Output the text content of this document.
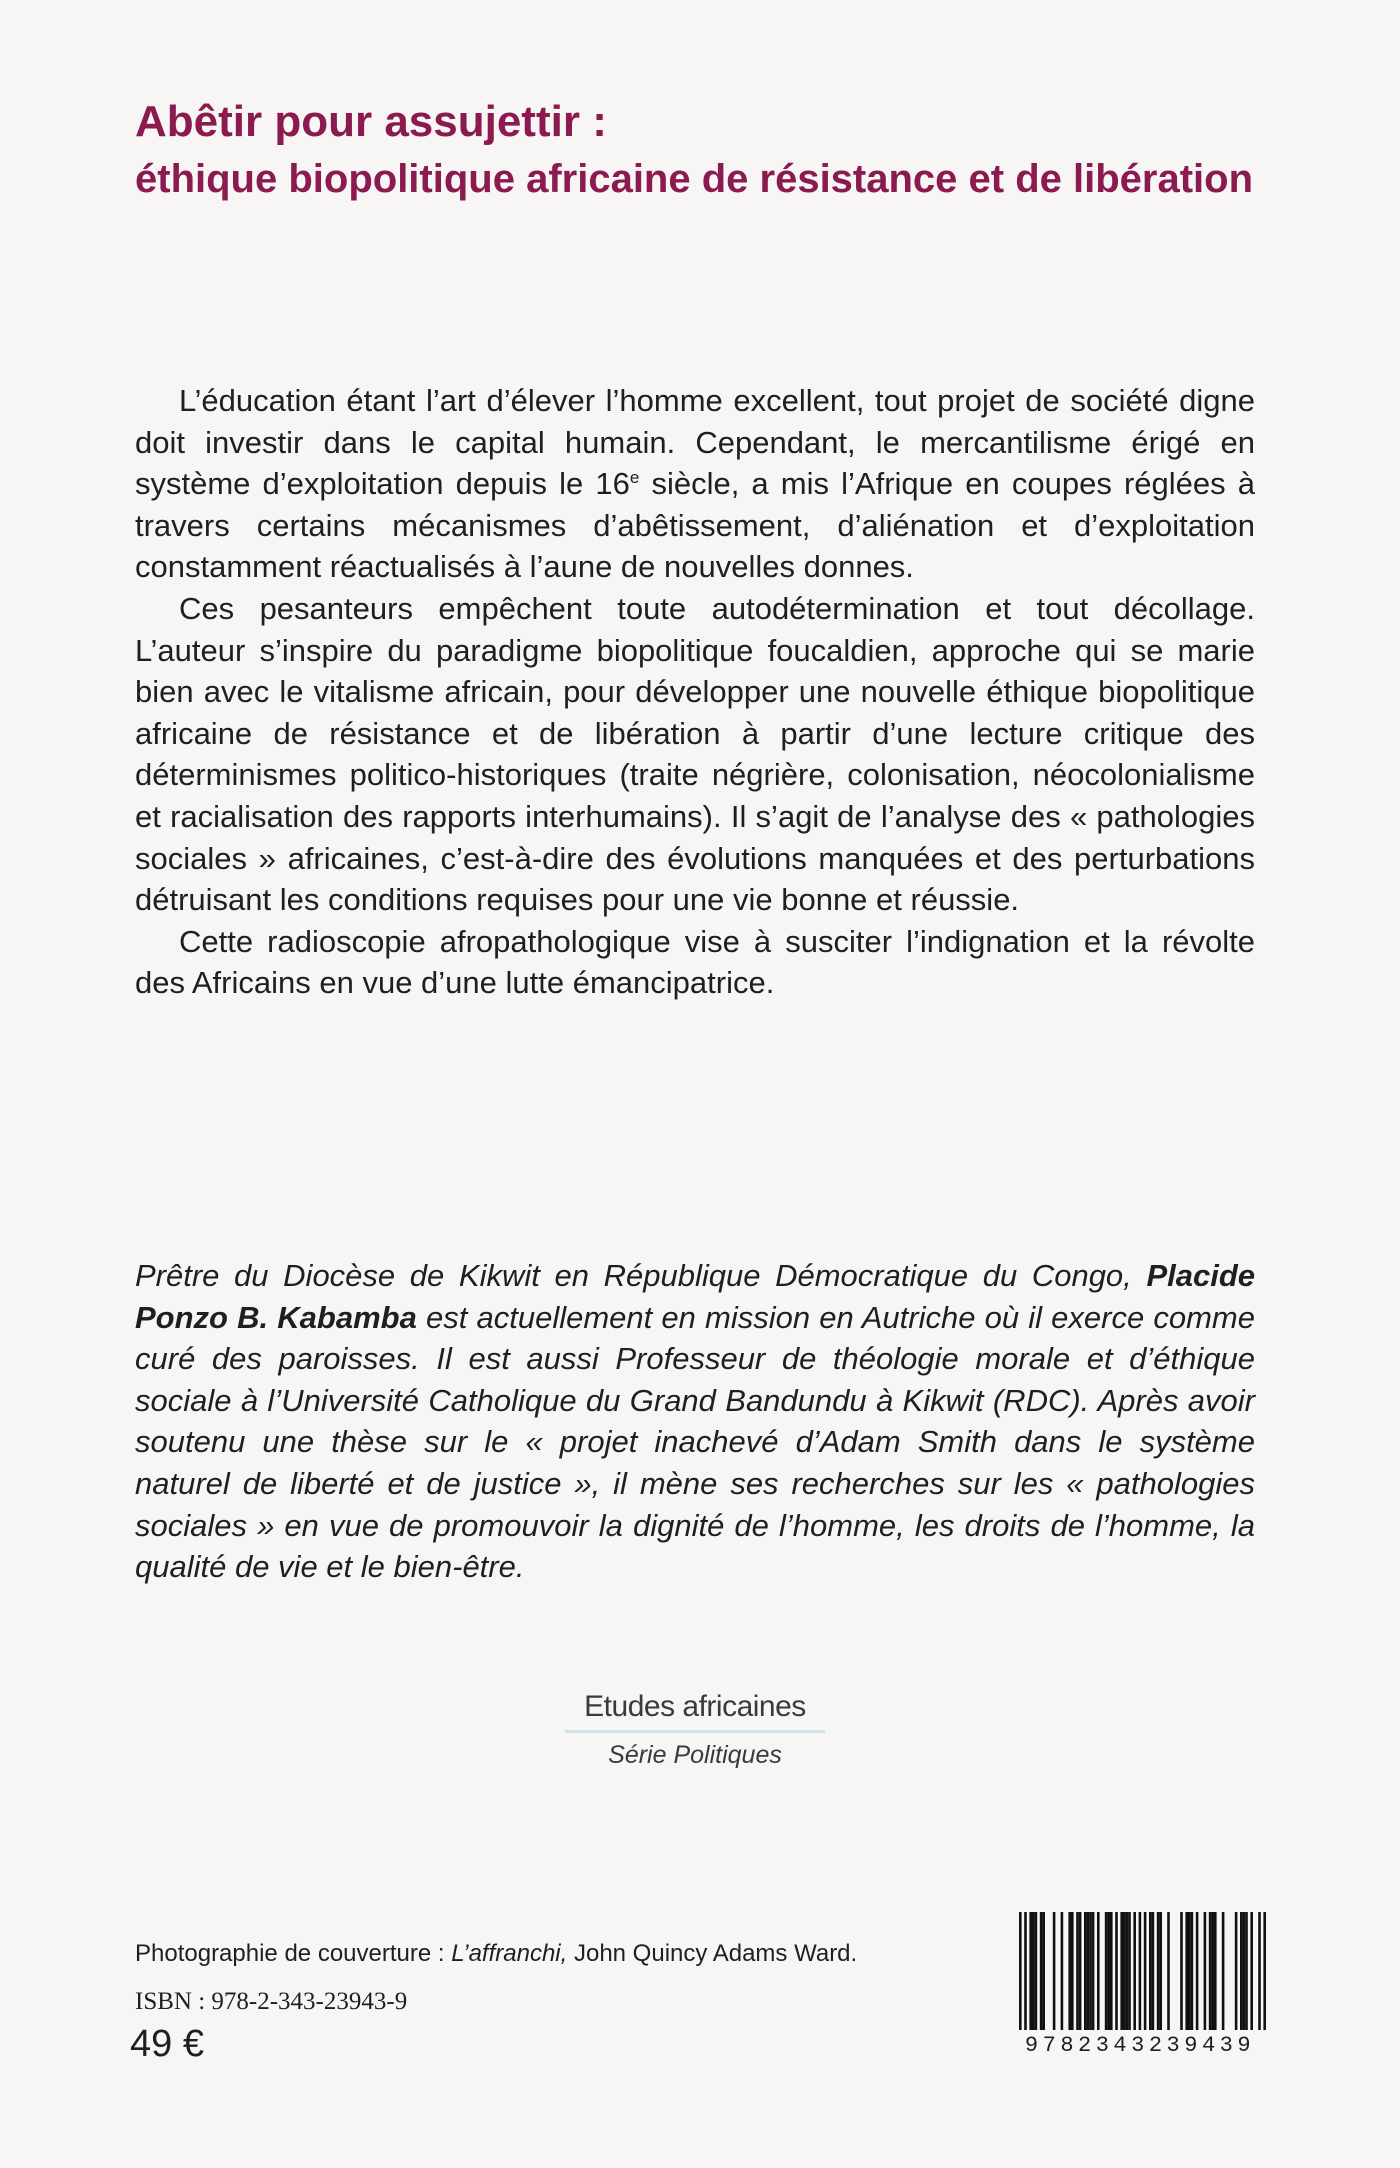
Abêtir pour assujettir :
éthique biopolitique africaine de résistance et de libération

L’éducation étant l’art d’élever l’homme excellent, tout projet de société digne doit investir dans le capital humain. Cependant, le mercantilisme érigé en système d’exploitation depuis le 16e siècle, a mis l’Afrique en coupes réglées à travers certains mécanismes d’abêtissement, d’aliénation et d’exploitation constamment réactualisés à l’aune de nouvelles donnes.

Ces pesanteurs empêchent toute autodétermination et tout décollage. L’auteur s’inspire du paradigme biopolitique foucaldien, approche qui se marie bien avec le vitalisme africain, pour développer une nouvelle éthique biopolitique africaine de résistance et de libération à partir d’une lecture critique des déterminismes politico-historiques (traite négrière, colonisation, néocolonialisme et racialisation des rapports interhumains). Il s’agit de l’analyse des « pathologies sociales » africaines, c’est-à-dire des évolutions manquées et des perturbations détruisant les conditions requises pour une vie bonne et réussie.

Cette radioscopie afropathologique vise à susciter l’indignation et la révolte des Africains en vue d’une lutte émancipatrice.

Prêtre du Diocèse de Kikwit en République Démocratique du Congo, Placide Ponzo B. Kabamba est actuellement en mission en Autriche où il exerce comme curé des paroisses. Il est aussi Professeur de théologie morale et d’éthique sociale à l’Université Catholique du Grand Bandundu à Kikwit (RDC). Après avoir soutenu une thèse sur le « projet inachevé d’Adam Smith dans le système naturel de liberté et de justice », il mène ses recherches sur les « pathologies sociales » en vue de promouvoir la dignité de l’homme, les droits de l’homme, la qualité de vie et le bien-être.

Etudes africaines
Série Politiques
Photographie de couverture : L’affranchi, John Quincy Adams Ward.
ISBN : 978-2-343-23943-9
49 €	9782343239439
